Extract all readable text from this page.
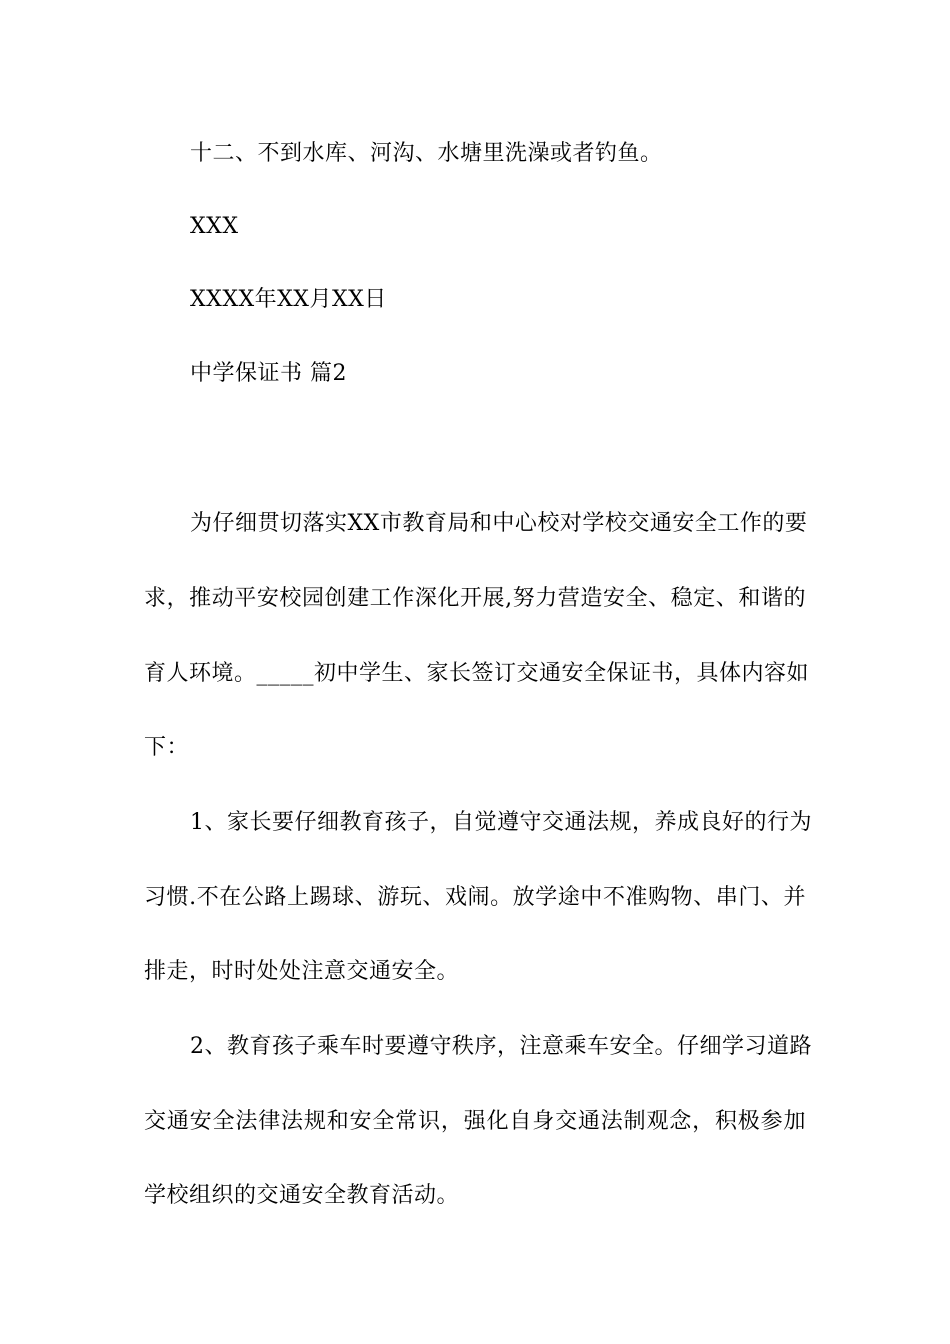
十二、不到水库、河沟、水塘里洗澡或者钓鱼。
XXX
XXXX年XX月XX日
中学保证书 篇2
为仔细贯切落实XX市教育局和中心校对学校交通安全工作的要
求，推动平安校园创建工作深化开展,努力营造安全、稳定、和谐的
育人环境。_____初中学生、家长签订交通安全保证书，具体内容如
下：
1、家长要仔细教育孩子，自觉遵守交通法规，养成良好的行为
习惯.不在公路上踢球、游玩、戏闹。放学途中不准购物、串门、并
排走，时时处处注意交通安全。
2、教育孩子乘车时要遵守秩序，注意乘车安全。仔细学习道路
交通安全法律法规和安全常识，强化自身交通法制观念，积极参加
学校组织的交通安全教育活动。
